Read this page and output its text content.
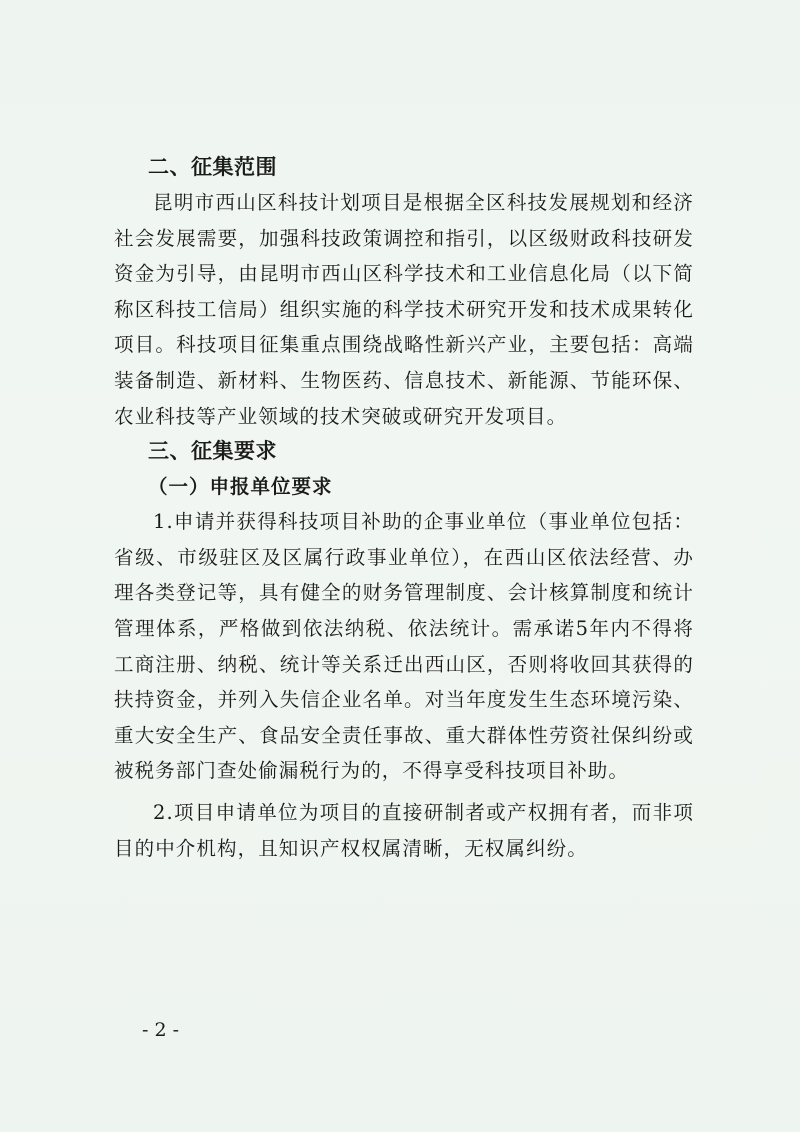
二、征集范围

昆明市西山区科技计划项目是根据全区科技发展规划和经济社会发展需要，加强科技政策调控和指引，以区级财政科技研发资金为引导，由昆明市西山区科学技术和工业信息化局（以下简称区科技工信局）组织实施的科学技术研究开发和技术成果转化项目。科技项目征集重点围绕战略性新兴产业，主要包括：高端装备制造、新材料、生物医药、信息技术、新能源、节能环保、农业科技等产业领域的技术突破或研究开发项目。

三、征集要求
（一）申报单位要求

1.申请并获得科技项目补助的企事业单位（事业单位包括：省级、市级驻区及区属行政事业单位），在西山区依法经营、办理各类登记等，具有健全的财务管理制度、会计核算制度和统计管理体系，严格做到依法纳税、依法统计。需承诺5年内不得将工商注册、纳税、统计等关系迁出西山区，否则将收回其获得的扶持资金，并列入失信企业名单。对当年度发生生态环境污染、重大安全生产、食品安全责任事故、重大群体性劳资社保纠纷或被税务部门查处偷漏税行为的，不得享受科技项目补助。

2.项目申请单位为项目的直接研制者或产权拥有者，而非项目的中介机构，且知识产权权属清晰，无权属纠纷。

- 2 -
